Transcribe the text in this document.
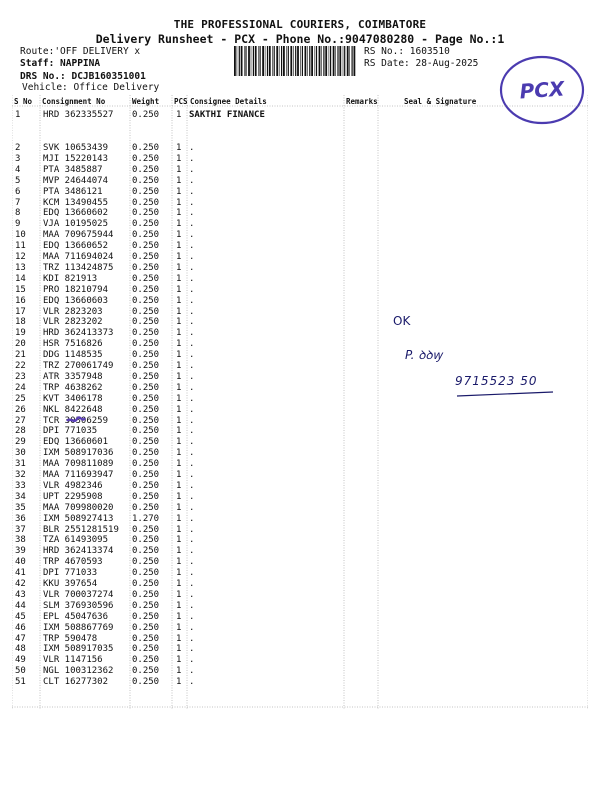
THE PROFESSIONAL COURIERS, COIMBATORE
Delivery Runsheet - PCX - Phone No.:9047080280 - Page No.:1
Route:'OFF DELIVERY x
Staff: NAPPINA
DRS No.: DCJB160351001
Vehicle: Office Delivery
RS No.: 1603510
RS Date: 28-Aug-2025
PCX
S No Consignment No	Weight PCS Consignee Details	Remarks	Seal & Signature
1	HRD 362335527 0.250 1 SAKTHI FINANCE
2	SVK 10653439	0.250 1 .
3	MJI 15220143	0.250 1 .
4	PTA 3485887	0.250 1 .
5	MVP 24644074	0.250 1 .
6	PTA 3486121	0.250 1 .
7	KCM 13490455	0.250 1 .
8	EDQ 13660602	0.250 1 .
9	VJA 10195025	0.250 1 .
10 MAA 709675944 0.250 1 .
11 EDQ 13660652	0.250 1 .
12 MAA 711694024 0.250 1 .
13 TRZ 113424875 0.250 1 .
14 KDI 821913	0.250 1 .
15 PRO 18210794	0.250 1 .
16 EDQ 13660603	0.250 1 .
17 VLR 2823203	0.250 1 .
18 VLR 2823202	0.250 1 .
19 HRD 362413373 0.250 1 .
20 HSR 7516826	0.250 1 .
21 DDG 1148535	0.250 1 .
22 TRZ 270061749 0.250 1 .
23 ATR 3357948	0.250 1 .
24 TRP 4638262	0.250 1 .
25 KVT 3406178	0.250 1 .
26 NKL 8422648	0.250 1 .
27 TCR 30306259	0.250 1 .
28 DPI 771035	0.250 1 .
29 EDQ 13660601	0.250 1 .
30 IXM 508917036 0.250 1 .
31 MAA 709811089 0.250 1 .
32 MAA 711693947 0.250 1 .
33 VLR 4982346	0.250 1 .
34 UPT 2295908	0.250 1 .
35 MAA 709980020 0.250 1 .
36 IXM 508927413 1.270 1 .
37 BLR 2551281519 0.250 1 .
38 TZA 61493095	0.250 1 .
39 HRD 362413374 0.250 1 .
40 TRP 4670593	0.250 1 .
41 DPI 771033	0.250 1 .
42 KKU 397654	0.250 1 .
43 VLR 700037274 0.250 1 .
44 SLM 376930596 0.250 1 .
45 EPL 45047636	0.250 1 .
46 IXM 508867769 0.250 1 .
47 TRP 590478	0.250 1 .
48 IXM 508917035 0.250 1 .
49 VLR 1147156	0.250 1 .
50 NGL 100312362 0.250 1 .
51 CLT 16277302	0.250 1 .
OK
P. ꝺꝺꝡ
9715523 50
